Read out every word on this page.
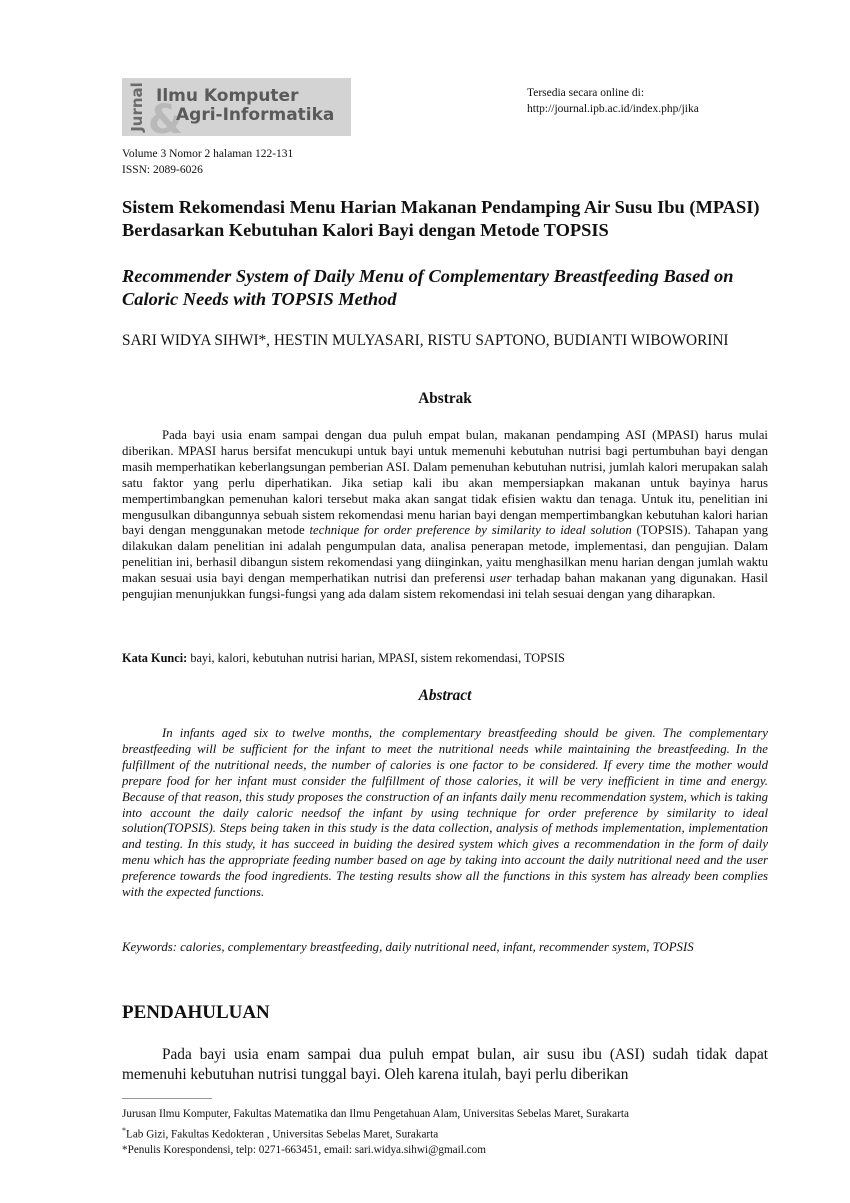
Jurnal &
Ilmu Komputer
Agri-Informatika
Tersedia secara online di:
http://journal.ipb.ac.id/index.php/jika
Volume 3 Nomor 2 halaman 122-131
ISSN: 2089-6026
Sistem Rekomendasi Menu Harian Makanan Pendamping Air Susu Ibu (MPASI) Berdasarkan Kebutuhan Kalori Bayi dengan Metode TOPSIS
Recommender System of Daily Menu of Complementary Breastfeeding Based on Caloric Needs with TOPSIS Method
SARI WIDYA SIHWI*, HESTIN MULYASARI, RISTU SAPTONO, BUDIANTI WIBOWORINI
Abstrak

Pada bayi usia enam sampai dengan dua puluh empat bulan, makanan pendamping ASI (MPASI) harus mulai diberikan. MPASI harus bersifat mencukupi untuk bayi untuk memenuhi kebutuhan nutrisi bagi pertumbuhan bayi dengan masih memperhatikan keberlangsungan pemberian ASI. Dalam pemenuhan kebutuhan nutrisi, jumlah kalori merupakan salah satu faktor yang perlu diperhatikan. Jika setiap kali ibu akan mempersiapkan makanan untuk bayinya harus mempertimbangkan pemenuhan kalori tersebut maka akan sangat tidak efisien waktu dan tenaga. Untuk itu, penelitian ini mengusulkan dibangunnya sebuah sistem rekomendasi menu harian bayi dengan mempertimbangkan kebutuhan kalori harian bayi dengan menggunakan metode technique for order preference by similarity to ideal solution (TOPSIS). Tahapan yang dilakukan dalam penelitian ini adalah pengumpulan data, analisa penerapan metode, implementasi, dan pengujian. Dalam penelitian ini, berhasil dibangun sistem rekomendasi yang diinginkan, yaitu menghasilkan menu harian dengan jumlah waktu makan sesuai usia bayi dengan memperhatikan nutrisi dan preferensi user terhadap bahan makanan yang digunakan. Hasil pengujian menunjukkan fungsi-fungsi yang ada dalam sistem rekomendasi ini telah sesuai dengan yang diharapkan.

Kata Kunci: bayi, kalori, kebutuhan nutrisi harian, MPASI, sistem rekomendasi, TOPSIS
Abstract

In infants aged six to twelve months, the complementary breastfeeding should be given. The complementary breastfeeding will be sufficient for the infant to meet the nutritional needs while maintaining the breastfeeding. In the fulfillment of the nutritional needs, the number of calories is one factor to be considered. If every time the mother would prepare food for her infant must consider the fulfillment of those calories, it will be very inefficient in time and energy. Because of that reason, this study proposes the construction of an infants daily menu recommendation system, which is taking into account the daily caloric needsof the infant by using technique for order preference by similarity to ideal solution(TOPSIS). Steps being taken in this study is the data collection, analysis of methods implementation, implementation and testing. In this study, it has succeed in buiding the desired system which gives a recommendation in the form of daily menu which has the appropriate feeding number based on age by taking into account the daily nutritional need and the user preference towards the food ingredients. The testing results show all the functions in this system has already been complies with the expected functions.

Keywords: calories, complementary breastfeeding, daily nutritional need, infant, recommender system, TOPSIS
PENDAHULUAN

Pada bayi usia enam sampai dua puluh empat bulan, air susu ibu (ASI) sudah tidak dapat memenuhi kebutuhan nutrisi tunggal bayi. Oleh karena itulah, bayi perlu diberikan

Jurusan Ilmu Komputer, Fakultas Matematika dan Ilmu Pengetahuan Alam, Universitas Sebelas Maret, Surakarta
*Lab Gizi, Fakultas Kedokteran , Universitas Sebelas Maret, Surakarta
*Penulis Korespondensi, telp: 0271-663451, email: sari.widya.sihwi@gmail.com
